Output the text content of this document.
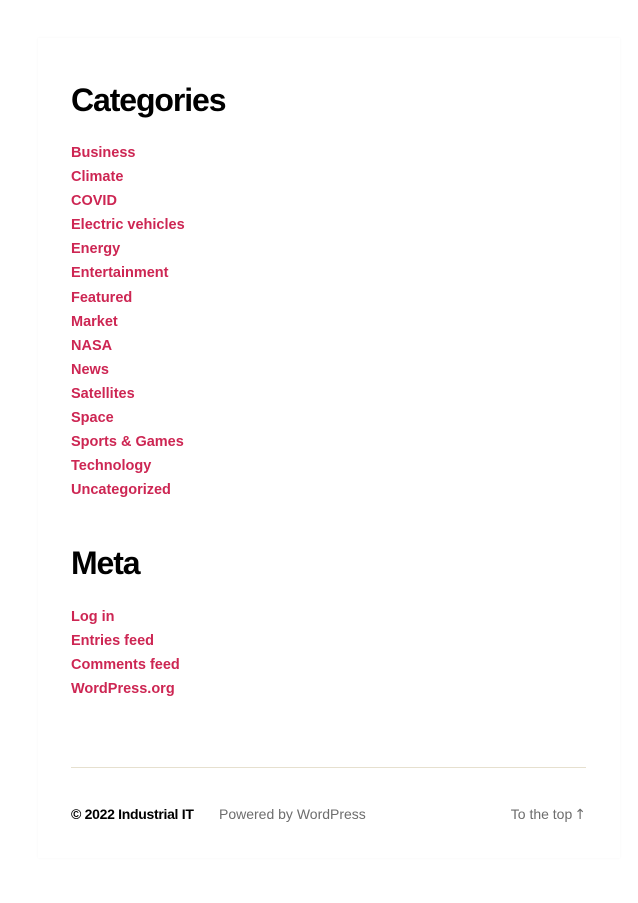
Categories
Business
Climate
COVID
Electric vehicles
Energy
Entertainment
Featured
Market
NASA
News
Satellites
Space
Sports & Games
Technology
Uncategorized
Meta
Log in
Entries feed
Comments feed
WordPress.org
© 2022 Industrial IT Powered by WordPress	To the top ↑
